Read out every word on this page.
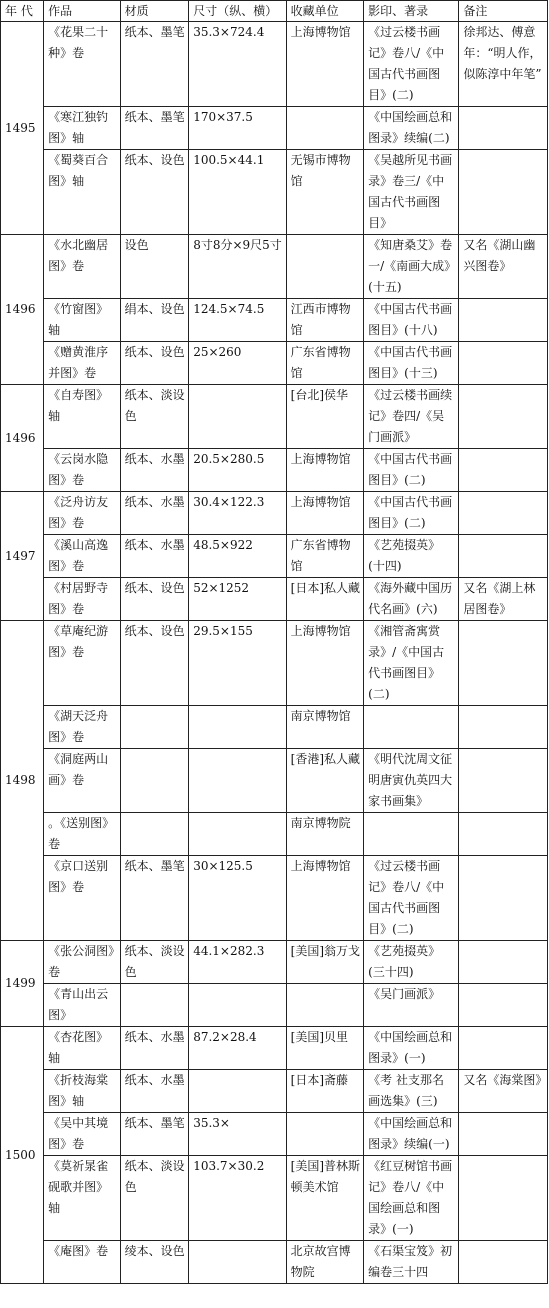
年 代	作品	材质	尺寸（纵、横）	收藏单位	影印、著录	备注
1495	《花果二十种》卷	纸本、墨笔	35.3×724.4	上海博物馆	《过云楼书画记》卷八/《中国古代书画图目》(二)	徐邦达、傅意年：“明人作，似陈淳中年笔”
	《寒江独钓图》轴	纸本、墨笔	170×37.5		《中国绘画总和图录》续编(二)	
	《蜀葵百合图》轴	纸本、设色	100.5×44.1	无锡市博物馆	《吴越所见书画录》卷三/《中国古代书画图目》	
1496	《水北幽居图》卷	设色	8寸8分×9尺5寸		《知唐桑艾》卷一/《南画大成》(十五)	又名《湖山幽兴图卷》
	《竹窗图》轴	绢本、设色	124.5×74.5	江西市博物馆	《中国古代书画图目》(十八)	
	《赠黄淮序并图》卷	纸本、设色	25×260	广东省博物馆	《中国古代书画图目》(十三)	
1496	《自寿图》轴	纸本、淡设色		[台北]侯华	《过云楼书画续记》卷四/《吴门画派》	
	《云岗水隐图》卷	纸本、水墨	20.5×280.5	上海博物馆	《中国古代书画图目》(二)	
1497	《泛舟访友图》卷	纸本、水墨	30.4×122.3	上海博物馆	《中国古代书画图目》(二)	
	《溪山高逸图》卷	纸本、水墨	48.5×922	广东省博物馆	《艺苑掇英》(十四)	
	《村居野寺图》卷	纸本、设色	52×1252	[日本]私人藏	《海外藏中国历代名画》(六)	又名《湖上林居图卷》
1498	《草庵纪游图》卷	纸本、设色	29.5×155	上海博物馆	《湘管斋寓赏录》/《中国古代书画图目》(二)	
	《湖天泛舟图》卷			南京博物馆		
	《洞庭两山画》卷			[香港]私人藏	《明代沈周文征明唐寅仇英四大家书画集》	
	。《送别图》卷			南京博物院		
	《京口送别图》卷	纸本、墨笔	30×125.5	上海博物馆	《过云楼书画记》卷八/《中国古代书画图目》(二)	
1499	《张公洞图》卷	纸本、淡设色	44.1×282.3	[美国]翁万戈	《艺苑掇英》(三十四)	
	《青山出云图》				《吴门画派》	
1500	《杏花图》轴	纸本、水墨	87.2×28.4	[美国]贝里	《中国绘画总和图录》(一)	
	《折枝海棠图》轴	纸本、水墨		[日本]斋藤	《考 社支那名画选集》(三)	又名《海棠图》
	《吴中其境图》卷	纸本、墨笔	35.3×		《中国绘画总和图录》续编(一)	
	《莫祈㫤雀砚歌并图》轴	纸本、淡设色	103.7×30.2	[美国]普林斯顿美术馆	《红豆树馆书画记》卷八/《中国绘画总和图录》(一)	
	《庵图》卷	绫本、设色		北京故宫博物院	《石渠宝笈》初编卷三十四	
